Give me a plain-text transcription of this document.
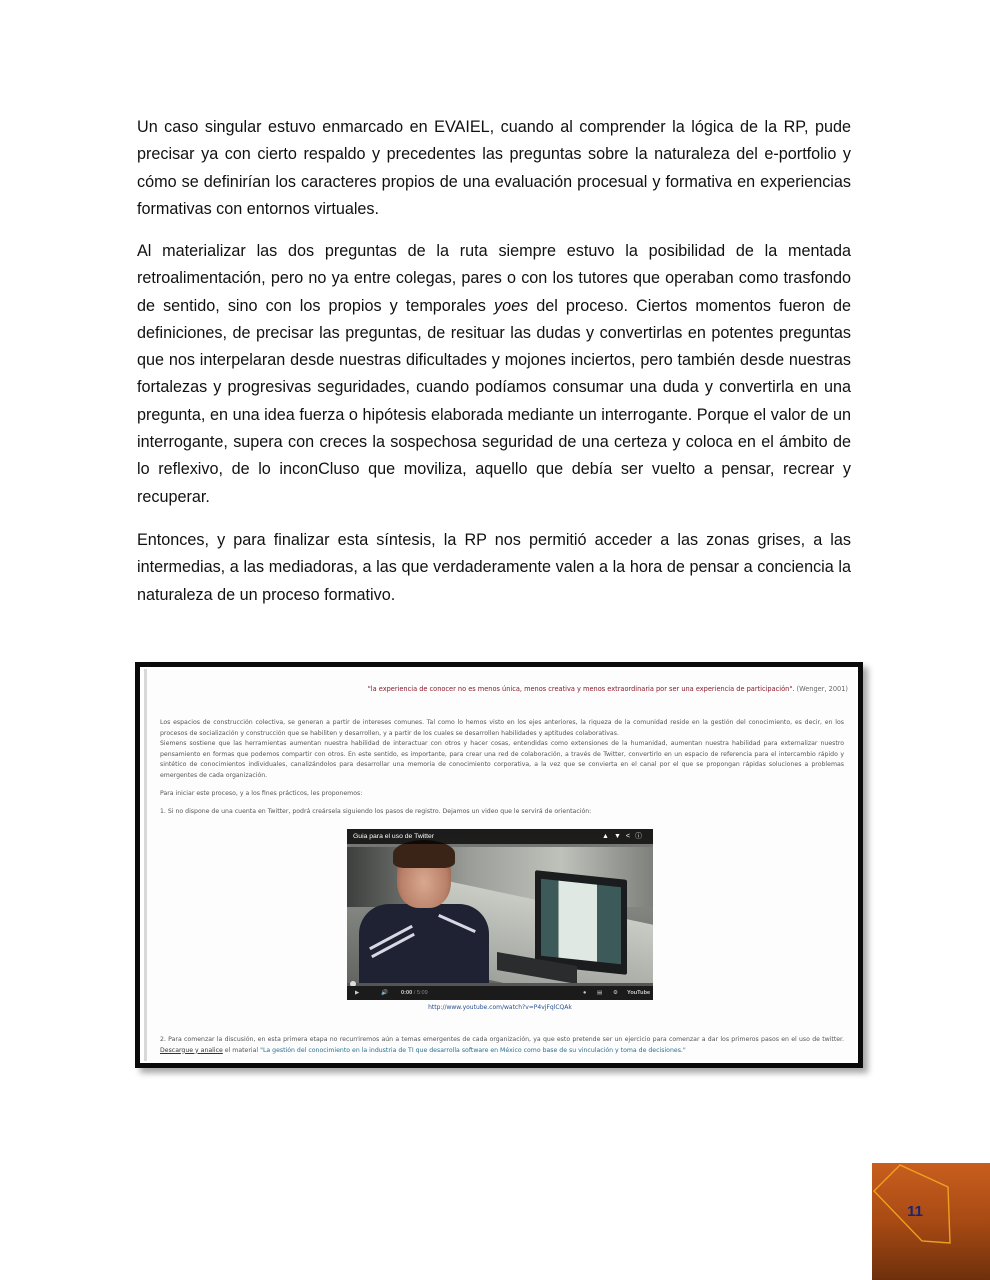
Un caso singular estuvo enmarcado en EVAIEL, cuando al comprender la lógica de la RP, pude precisar ya con cierto respaldo y precedentes las preguntas sobre la naturaleza del e-portfolio y cómo se definirían los caracteres propios de una evaluación procesual y formativa en experiencias formativas con entornos virtuales.

Al materializar las dos preguntas de la ruta siempre estuvo la posibilidad de la mentada retroalimentación, pero no ya entre colegas, pares o con los tutores que operaban como trasfondo de sentido, sino con los propios y temporales yoes del proceso. Ciertos momentos fueron de definiciones, de precisar las preguntas, de resituar las dudas y convertirlas en potentes preguntas que nos interpelaran desde nuestras dificultades y mojones inciertos, pero también desde nuestras fortalezas y progresivas seguridades, cuando podíamos consumar una duda y convertirla en una pregunta, en una idea fuerza o hipótesis elaborada mediante un interrogante. Porque el valor de un interrogante, supera con creces la sospechosa seguridad de una certeza y coloca en el ámbito de lo reflexivo, de lo inconCluso que moviliza, aquello que debía ser vuelto a pensar, recrear y recuperar.

Entonces, y para finalizar esta síntesis, la RP nos permitió acceder a las zonas grises, a las intermedias, a las mediadoras, a las que verdaderamente valen a la hora de pensar a conciencia la naturaleza de un proceso formativo.

"la experiencia de conocer no es menos única, menos creativa y menos extraordinaria por ser una experiencia de participación". (Wenger, 2001)
Los espacios de construcción colectiva, se generan a partir de intereses comunes. Tal como lo hemos visto en los ejes anteriores, la riqueza de la comunidad reside en la gestión del conocimiento, es decir, en los procesos de socialización y construcción que se habiliten y desarrollen, y a partir de los cuales se desarrollen habilidades y aptitudes colaborativas.
Siemens sostiene que las herramientas aumentan nuestra habilidad de interactuar con otros y hacer cosas, entendidas como extensiones de la humanidad, aumentan nuestra habilidad para externalizar nuestro pensamiento en formas que podemos compartir con otros. En este sentido, es importante, para crear una red de colaboración, a través de Twitter, convertirlo en un espacio de referencia para el intercambio rápido y sintético de conocimientos individuales, canalizándolos para desarrollar una memoria de conocimiento corporativa, a la vez que se convierta en el canal por el que se propongan rápidas soluciones a problemas emergentes de cada organización.

Para iniciar este proceso, y a los fines prácticos, les proponemos:

1. Si no dispone de una cuenta en Twitter, podrá creársela siguiendo los pasos de registro. Dejamos un video que le servirá de orientación:

Guia para el uso de Twitter	▲▼<ⓘ
▶	🔊 0:00 / 5:09	● ▤ ⚙ YouTube
http://www.youtube.com/watch?v=P4vjFqlCQAk

2. Para comenzar la discusión, en esta primera etapa no recurriremos aún a temas emergentes de cada organización, ya que esto pretende ser un ejercicio para comenzar a dar los primeros pasos en el uso de twitter. Descargue y analice el material "La gestión del conocimiento en la industria de TI que desarrolla software en México como base de su vinculación y toma de decisiones."

11
